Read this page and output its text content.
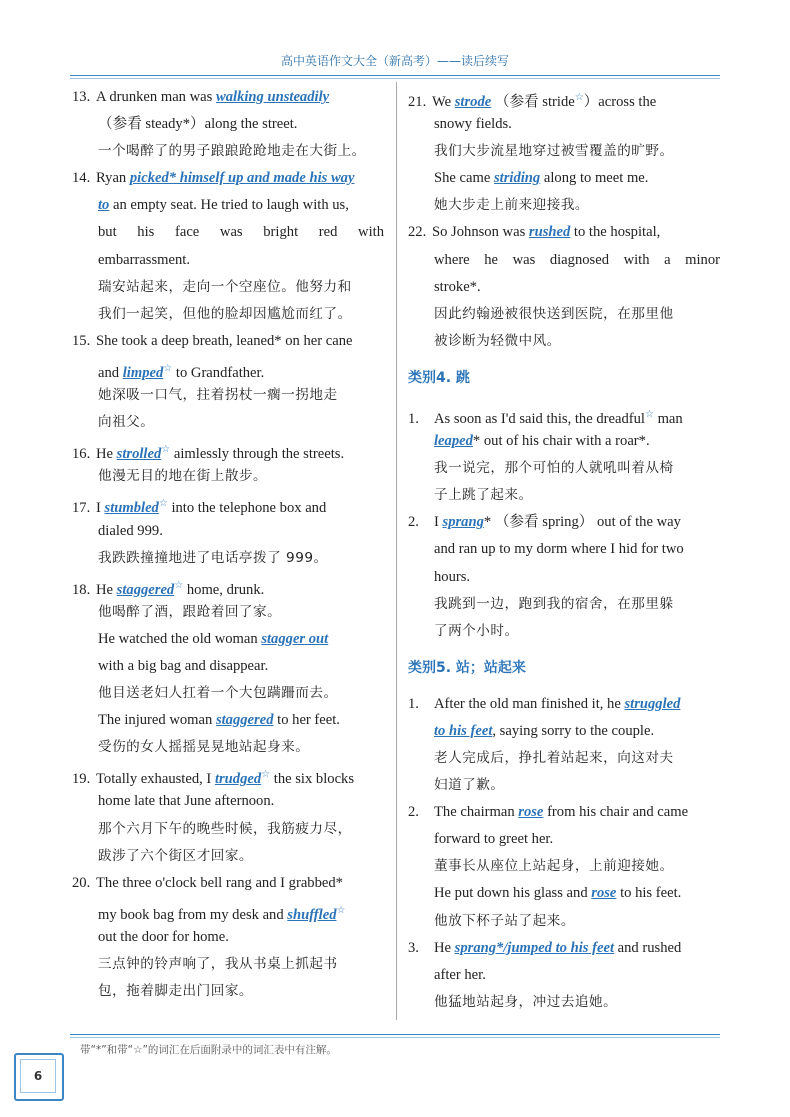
高中英语作文大全（新高考）——读后续写
13.A drunken man was walking unsteadily
（参看 steady*）along the street.
一个喝醉了的男子踉踉跄跄地走在大街上。
14.Ryan picked* himself up and made his way
to an empty seat. He tried to laugh with us,
but his face was bright red with
embarrassment.
瑞安站起来，走向一个空座位。他努力和
我们一起笑，但他的脸却因尴尬而红了。
15.She took a deep breath, leaned* on her cane
and limped☆ to Grandfather.
她深吸一口气，拄着拐杖一瘸一拐地走
向祖父。
16.He strolled☆ aimlessly through the streets.
他漫无目的地在街上散步。
17.I stumbled☆ into the telephone box and
dialed 999.
我跌跌撞撞地进了电话亭拨了 999。
18.He staggered☆ home, drunk.
他喝醉了酒，跟跄着回了家。
He watched the old woman stagger out
with a big bag and disappear.
他目送老妇人扛着一个大包蹒跚而去。
The injured woman staggered to her feet.
受伤的女人摇摇晃晃地站起身来。
19.Totally exhausted, I trudged☆ the six blocks
home late that June afternoon.
那个六月下午的晚些时候，我筋疲力尽，
跋涉了六个街区才回家。
20.The three o'clock bell rang and I grabbed*
my book bag from my desk and shuffled☆
out the door for home.
三点钟的铃声响了，我从书桌上抓起书
包，拖着脚走出门回家。
21.We strode （参看 stride☆）across the
snowy fields.
我们大步流星地穿过被雪覆盖的旷野。
She came striding along to meet me.
她大步走上前来迎接我。
22.So Johnson was rushed to the hospital,
where he was diagnosed with a minor
stroke*.
因此约翰逊被很快送到医院，在那里他
被诊断为轻微中风。
类别4. 跳
1.As soon as I'd said this, the dreadful☆ man
leaped* out of his chair with a roar*.
我一说完，那个可怕的人就吼叫着从椅
子上跳了起来。
2.I sprang* （参看 spring） out of the way
and ran up to my dorm where I hid for two
hours.
我跳到一边，跑到我的宿舍，在那里躲
了两个小时。
类别5. 站；站起来
1.After the old man finished it, he struggled
to his feet, saying sorry to the couple.
老人完成后，挣扎着站起来，向这对夫
妇道了歉。
2.The chairman rose from his chair and came
forward to greet her.
董事长从座位上站起身，上前迎接她。
He put down his glass and rose to his feet.
他放下杯子站了起来。
3.He sprang*/jumped to his feet and rushed
after her.
他猛地站起身，冲过去追她。
带“*”和带“☆”的词汇在后面附录中的词汇表中有注解。
6
